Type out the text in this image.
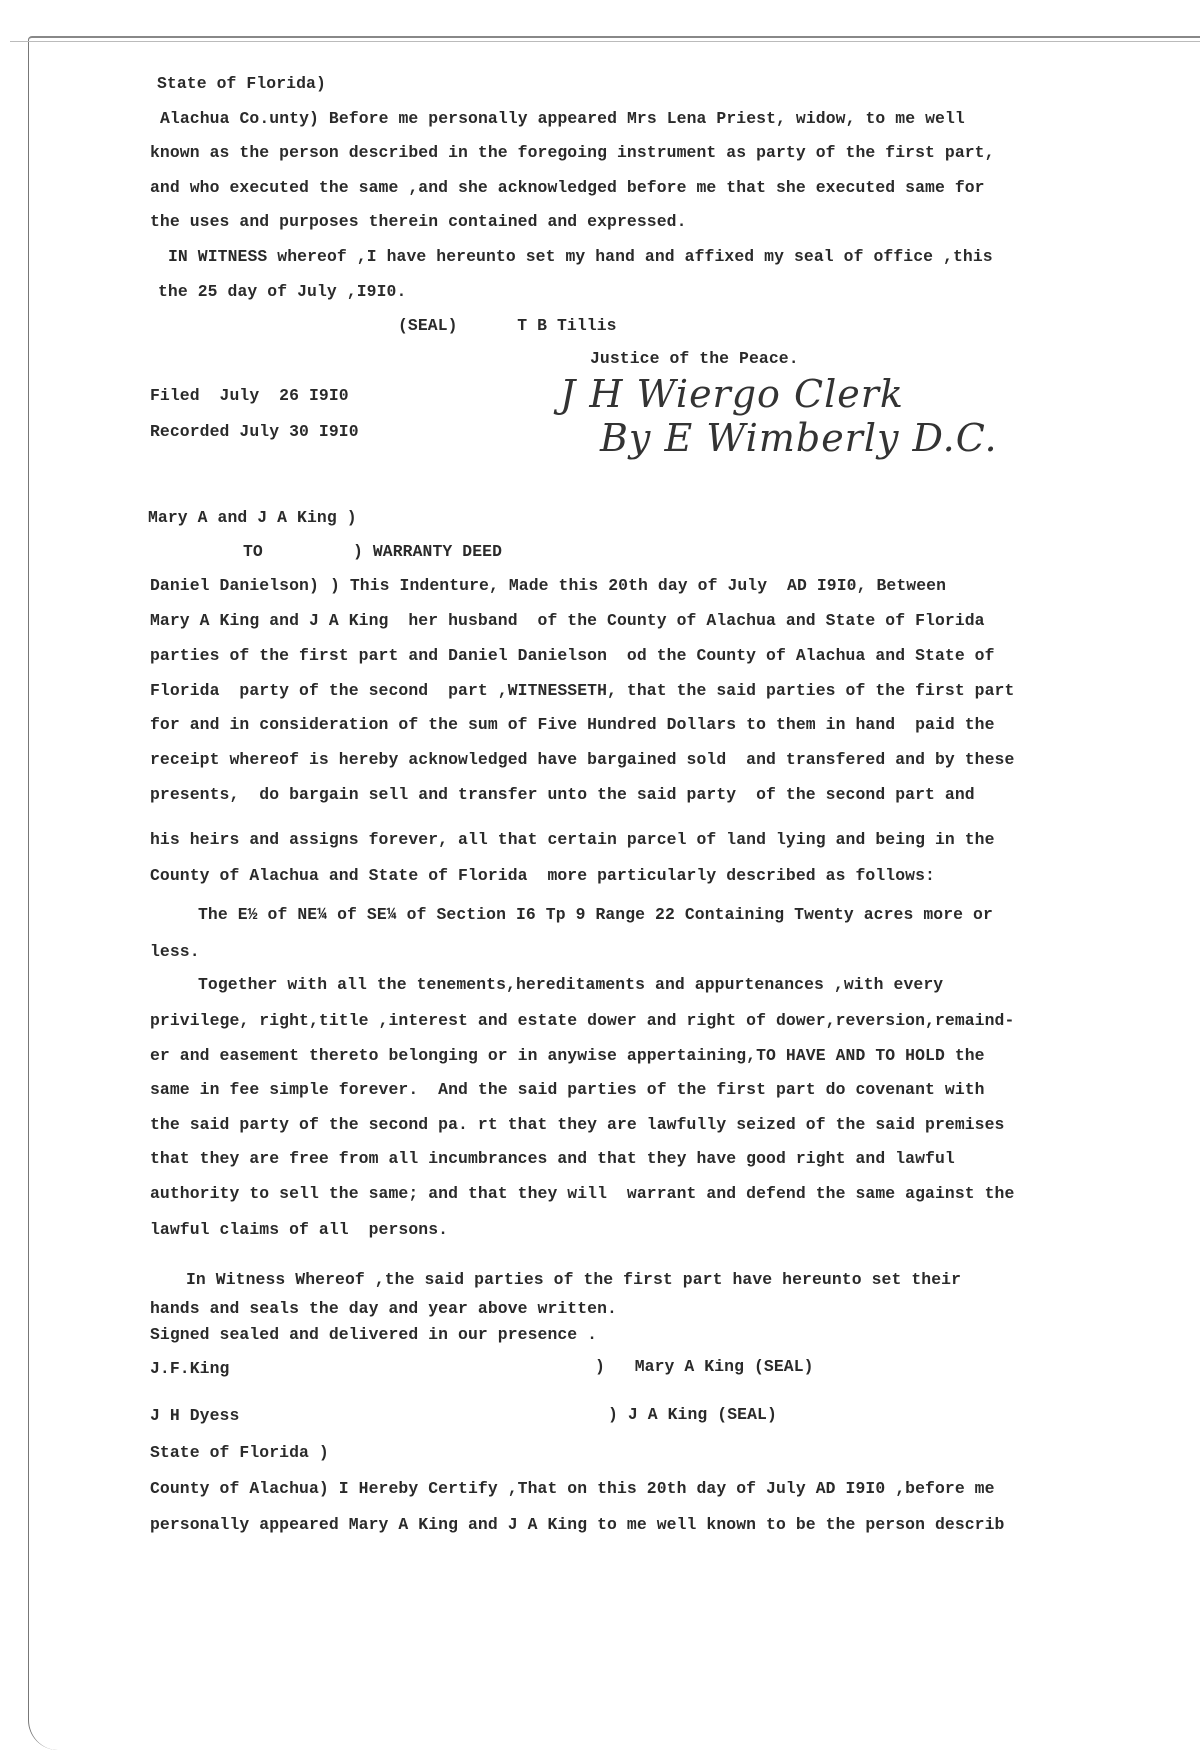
State of Florida)
Alachua Co.unty) Before me personally appeared Mrs Lena Priest, widow, to me well
known as the person described in the foregoing instrument as party of the first part,
and who executed the same ,and she acknowledged before me that she executed same for
the uses and purposes therein contained and expressed.
IN WITNESS whereof ,I have hereunto set my hand and affixed my seal of office ,this
the 25 day of July ,I9I0.
(SEAL)      T B Tillis
Justice of the Peace.
Filed  July  26 I9I0
Recorded July 30 I9I0
J H Wiergo Clerk
By E Wimberly D.C.
Mary A and J A King )
TO	) WARRANTY DEED
Daniel Danielson) ) This Indenture, Made this 20th day of July  AD I9I0, Between
Mary A King and J A King  her husband  of the County of Alachua and State of Florida
parties of the first part and Daniel Danielson  od the County of Alachua and State of
Florida  party of the second  part ,WITNESSETH, that the said parties of the first part
for and in consideration of the sum of Five Hundred Dollars to them in hand  paid the
receipt whereof is hereby acknowledged have bargained sold  and transfered and by these
presents,  do bargain sell and transfer unto the said party  of the second part and
his heirs and assigns forever, all that certain parcel of land lying and being in the
County of Alachua and State of Florida  more particularly described as follows:
The E½ of NE¼ of SE¼ of Section I6 Tp 9 Range 22 Containing Twenty acres more or
less.
Together with all the tenements,hereditaments and appurtenances ,with every
privilege, right,title ,interest and estate dower and right of dower,reversion,remaind-
er and easement thereto belonging or in anywise appertaining,TO HAVE AND TO HOLD the
same in fee simple forever.  And the said parties of the first part do covenant with
the said party of the second pa. rt that they are lawfully seized of the said premises
that they are free from all incumbrances and that they have good right and lawful
authority to sell the same; and that they will  warrant and defend the same against the
lawful claims of all  persons.
In Witness Whereof ,the said parties of the first part have hereunto set their
hands and seals the day and year above written.
Signed sealed and delivered in our presence .
J.F.King	)   Mary A King (SEAL)
J H Dyess	) J A King (SEAL)
State of Florida )
County of Alachua) I Hereby Certify ,That on this 20th day of July AD I9I0 ,before me
personally appeared Mary A King and J A King to me well known to be the person describ
